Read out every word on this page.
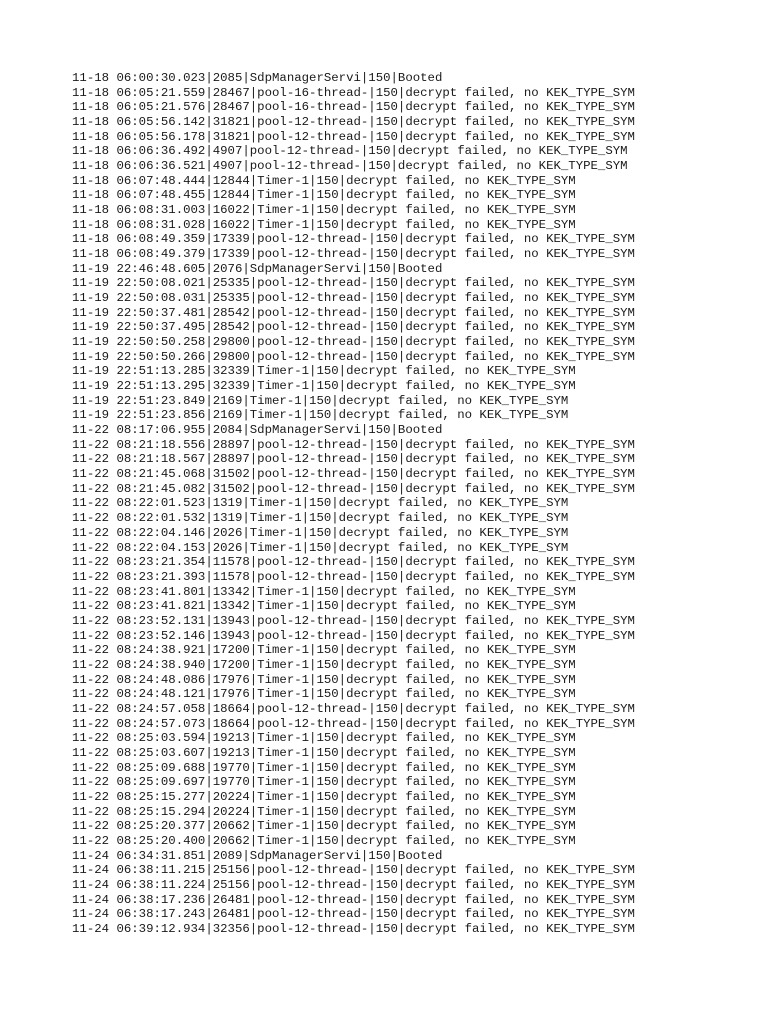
11-18 06:00:30.023|2085|SdpManagerServi|150|Booted
11-18 06:05:21.559|28467|pool-16-thread-|150|decrypt failed, no KEK_TYPE_SYM
11-18 06:05:21.576|28467|pool-16-thread-|150|decrypt failed, no KEK_TYPE_SYM
11-18 06:05:56.142|31821|pool-12-thread-|150|decrypt failed, no KEK_TYPE_SYM
11-18 06:05:56.178|31821|pool-12-thread-|150|decrypt failed, no KEK_TYPE_SYM
11-18 06:06:36.492|4907|pool-12-thread-|150|decrypt failed, no KEK_TYPE_SYM
11-18 06:06:36.521|4907|pool-12-thread-|150|decrypt failed, no KEK_TYPE_SYM
11-18 06:07:48.444|12844|Timer-1|150|decrypt failed, no KEK_TYPE_SYM
11-18 06:07:48.455|12844|Timer-1|150|decrypt failed, no KEK_TYPE_SYM
11-18 06:08:31.003|16022|Timer-1|150|decrypt failed, no KEK_TYPE_SYM
11-18 06:08:31.028|16022|Timer-1|150|decrypt failed, no KEK_TYPE_SYM
11-18 06:08:49.359|17339|pool-12-thread-|150|decrypt failed, no KEK_TYPE_SYM
11-18 06:08:49.379|17339|pool-12-thread-|150|decrypt failed, no KEK_TYPE_SYM
11-19 22:46:48.605|2076|SdpManagerServi|150|Booted
11-19 22:50:08.021|25335|pool-12-thread-|150|decrypt failed, no KEK_TYPE_SYM
11-19 22:50:08.031|25335|pool-12-thread-|150|decrypt failed, no KEK_TYPE_SYM
11-19 22:50:37.481|28542|pool-12-thread-|150|decrypt failed, no KEK_TYPE_SYM
11-19 22:50:37.495|28542|pool-12-thread-|150|decrypt failed, no KEK_TYPE_SYM
11-19 22:50:50.258|29800|pool-12-thread-|150|decrypt failed, no KEK_TYPE_SYM
11-19 22:50:50.266|29800|pool-12-thread-|150|decrypt failed, no KEK_TYPE_SYM
11-19 22:51:13.285|32339|Timer-1|150|decrypt failed, no KEK_TYPE_SYM
11-19 22:51:13.295|32339|Timer-1|150|decrypt failed, no KEK_TYPE_SYM
11-19 22:51:23.849|2169|Timer-1|150|decrypt failed, no KEK_TYPE_SYM
11-19 22:51:23.856|2169|Timer-1|150|decrypt failed, no KEK_TYPE_SYM
11-22 08:17:06.955|2084|SdpManagerServi|150|Booted
11-22 08:21:18.556|28897|pool-12-thread-|150|decrypt failed, no KEK_TYPE_SYM
11-22 08:21:18.567|28897|pool-12-thread-|150|decrypt failed, no KEK_TYPE_SYM
11-22 08:21:45.068|31502|pool-12-thread-|150|decrypt failed, no KEK_TYPE_SYM
11-22 08:21:45.082|31502|pool-12-thread-|150|decrypt failed, no KEK_TYPE_SYM
11-22 08:22:01.523|1319|Timer-1|150|decrypt failed, no KEK_TYPE_SYM
11-22 08:22:01.532|1319|Timer-1|150|decrypt failed, no KEK_TYPE_SYM
11-22 08:22:04.146|2026|Timer-1|150|decrypt failed, no KEK_TYPE_SYM
11-22 08:22:04.153|2026|Timer-1|150|decrypt failed, no KEK_TYPE_SYM
11-22 08:23:21.354|11578|pool-12-thread-|150|decrypt failed, no KEK_TYPE_SYM
11-22 08:23:21.393|11578|pool-12-thread-|150|decrypt failed, no KEK_TYPE_SYM
11-22 08:23:41.801|13342|Timer-1|150|decrypt failed, no KEK_TYPE_SYM
11-22 08:23:41.821|13342|Timer-1|150|decrypt failed, no KEK_TYPE_SYM
11-22 08:23:52.131|13943|pool-12-thread-|150|decrypt failed, no KEK_TYPE_SYM
11-22 08:23:52.146|13943|pool-12-thread-|150|decrypt failed, no KEK_TYPE_SYM
11-22 08:24:38.921|17200|Timer-1|150|decrypt failed, no KEK_TYPE_SYM
11-22 08:24:38.940|17200|Timer-1|150|decrypt failed, no KEK_TYPE_SYM
11-22 08:24:48.086|17976|Timer-1|150|decrypt failed, no KEK_TYPE_SYM
11-22 08:24:48.121|17976|Timer-1|150|decrypt failed, no KEK_TYPE_SYM
11-22 08:24:57.058|18664|pool-12-thread-|150|decrypt failed, no KEK_TYPE_SYM
11-22 08:24:57.073|18664|pool-12-thread-|150|decrypt failed, no KEK_TYPE_SYM
11-22 08:25:03.594|19213|Timer-1|150|decrypt failed, no KEK_TYPE_SYM
11-22 08:25:03.607|19213|Timer-1|150|decrypt failed, no KEK_TYPE_SYM
11-22 08:25:09.688|19770|Timer-1|150|decrypt failed, no KEK_TYPE_SYM
11-22 08:25:09.697|19770|Timer-1|150|decrypt failed, no KEK_TYPE_SYM
11-22 08:25:15.277|20224|Timer-1|150|decrypt failed, no KEK_TYPE_SYM
11-22 08:25:15.294|20224|Timer-1|150|decrypt failed, no KEK_TYPE_SYM
11-22 08:25:20.377|20662|Timer-1|150|decrypt failed, no KEK_TYPE_SYM
11-22 08:25:20.400|20662|Timer-1|150|decrypt failed, no KEK_TYPE_SYM
11-24 06:34:31.851|2089|SdpManagerServi|150|Booted
11-24 06:38:11.215|25156|pool-12-thread-|150|decrypt failed, no KEK_TYPE_SYM
11-24 06:38:11.224|25156|pool-12-thread-|150|decrypt failed, no KEK_TYPE_SYM
11-24 06:38:17.236|26481|pool-12-thread-|150|decrypt failed, no KEK_TYPE_SYM
11-24 06:38:17.243|26481|pool-12-thread-|150|decrypt failed, no KEK_TYPE_SYM
11-24 06:39:12.934|32356|pool-12-thread-|150|decrypt failed, no KEK_TYPE_SYM
